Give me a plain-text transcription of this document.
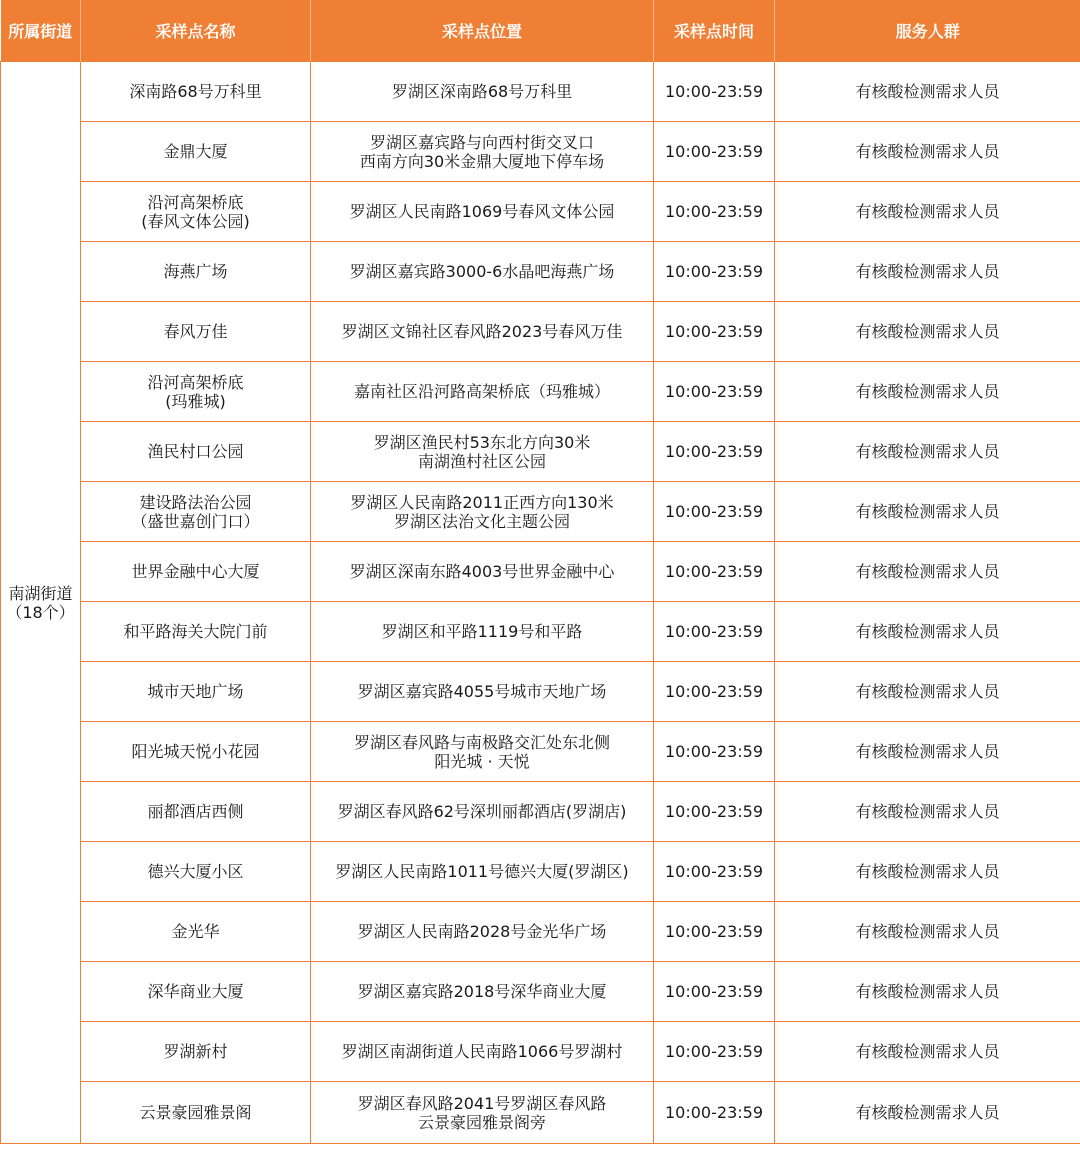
所属街道	采样点名称	采样点位置	采样点时间	服务人群

南湖街道
（18个）	深南路68号万科里	罗湖区深南路68号万科里	10:00-23:59	有核酸检测需求人员

	金鼎大厦	罗湖区嘉宾路与向西村街交叉口
西南方向30米金鼎大厦地下停车场	10:00-23:59	有核酸检测需求人员

	沿河高架桥底
(春风文体公园)	罗湖区人民南路1069号春风文体公园	10:00-23:59	有核酸检测需求人员

	海燕广场	罗湖区嘉宾路3000-6水晶吧海燕广场	10:00-23:59	有核酸检测需求人员

	春风万佳	罗湖区文锦社区春风路2023号春风万佳	10:00-23:59	有核酸检测需求人员

	沿河高架桥底
(玛雅城)	嘉南社区沿河路高架桥底（玛雅城）	10:00-23:59	有核酸检测需求人员

	渔民村口公园	罗湖区渔民村53东北方向30米
南湖渔村社区公园	10:00-23:59	有核酸检测需求人员

	建设路法治公园
（盛世嘉创门口）	罗湖区人民南路2011正西方向130米
罗湖区法治文化主题公园	10:00-23:59	有核酸检测需求人员

	世界金融中心大厦	罗湖区深南东路4003号世界金融中心	10:00-23:59	有核酸检测需求人员

	和平路海关大院门前	罗湖区和平路1119号和平路	10:00-23:59	有核酸检测需求人员

	城市天地广场	罗湖区嘉宾路4055号城市天地广场	10:00-23:59	有核酸检测需求人员

	阳光城天悦小花园	罗湖区春风路与南极路交汇处东北侧
阳光城 · 天悦	10:00-23:59	有核酸检测需求人员

	丽都酒店西侧	罗湖区春风路62号深圳丽都酒店(罗湖店)	10:00-23:59	有核酸检测需求人员

	德兴大厦小区	罗湖区人民南路1011号德兴大厦(罗湖区)	10:00-23:59	有核酸检测需求人员

	金光华	罗湖区人民南路2028号金光华广场	10:00-23:59	有核酸检测需求人员

	深华商业大厦	罗湖区嘉宾路2018号深华商业大厦	10:00-23:59	有核酸检测需求人员

	罗湖新村	罗湖区南湖街道人民南路1066号罗湖村	10:00-23:59	有核酸检测需求人员

	云景豪园雅景阁	罗湖区春风路2041号罗湖区春风路
云景豪园雅景阁旁	10:00-23:59	有核酸检测需求人员
